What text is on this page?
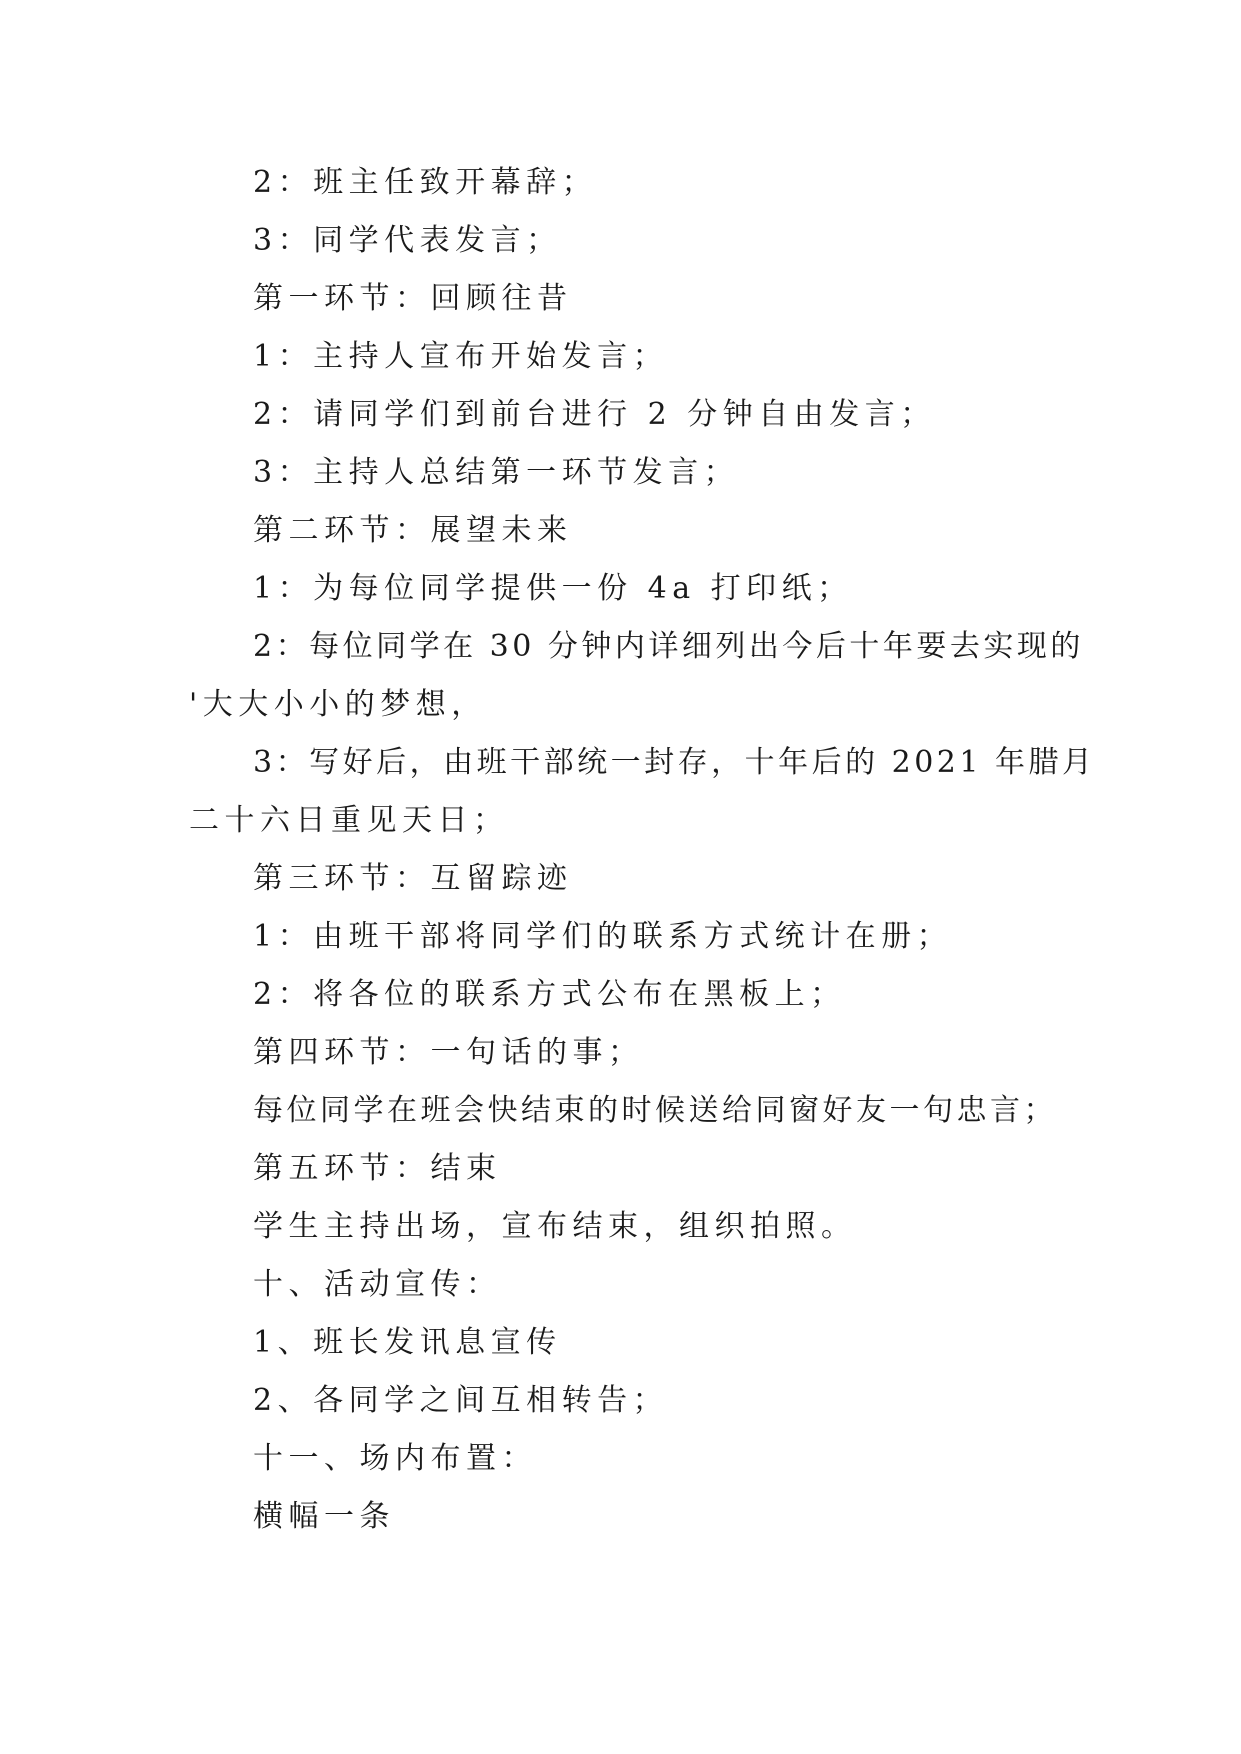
2：班主任致开幕辞；
3：同学代表发言；
第一环节：回顾往昔
1：主持人宣布开始发言；
2：请同学们到前台进行 2 分钟自由发言；
3：主持人总结第一环节发言；
第二环节：展望未来
1：为每位同学提供一份 4a 打印纸；
2：每位同学在 30 分钟内详细列出今后十年要去实现的
'大大小小的梦想，
3：写好后，由班干部统一封存，十年后的 2021 年腊月
二十六日重见天日；
第三环节：互留踪迹
1：由班干部将同学们的联系方式统计在册；
2：将各位的联系方式公布在黑板上；
第四环节：一句话的事；
每位同学在班会快结束的时候送给同窗好友一句忠言；
第五环节：结束
学生主持出场，宣布结束，组织拍照。
十、活动宣传：
1、班长发讯息宣传
2、各同学之间互相转告；
十一、场内布置：
横幅一条
